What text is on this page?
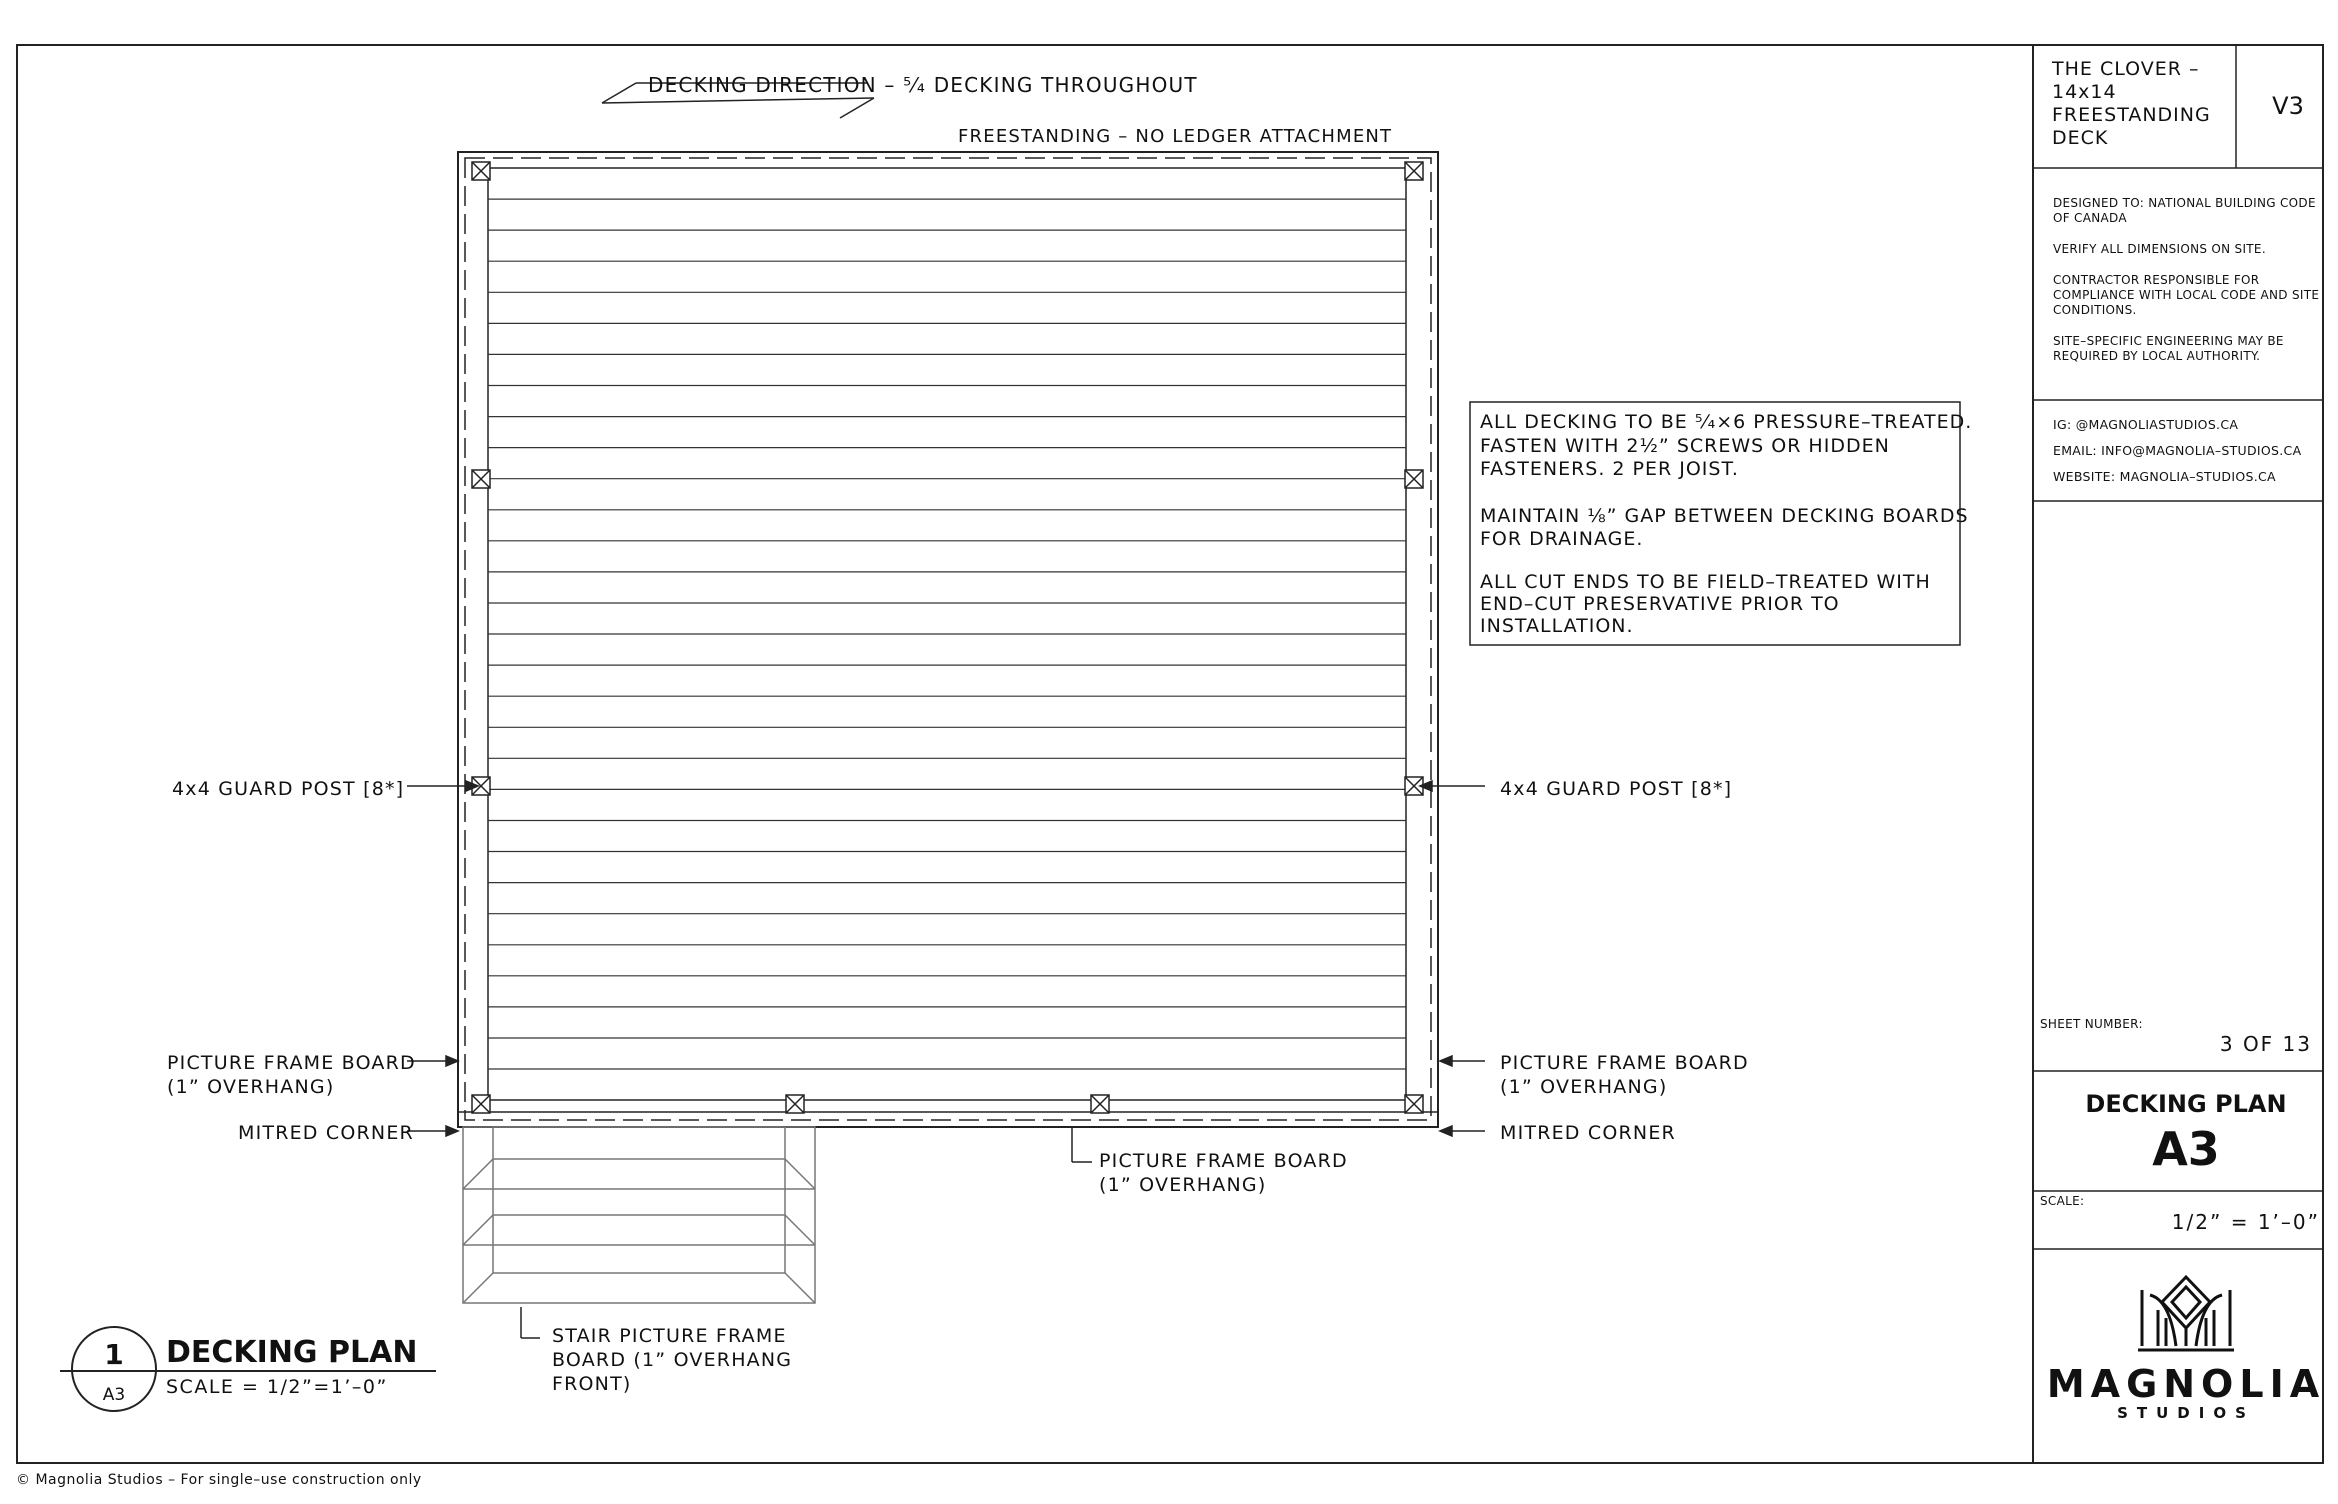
DECKING DIRECTION – ⁵⁄₄ DECKING THROUGHOUT
FREESTANDING – NO LEDGER ATTACHMENT
4x4 GUARD POST [8*]	4x4 GUARD POST [8*]
PICTURE FRAME BOARD
(1” OVERHANG)
PICTURE FRAME BOARD
(1” OVERHANG)
MITRED CORNER	MITRED CORNER
PICTURE FRAME BOARD
(1” OVERHANG)
STAIR PICTURE FRAME
BOARD (1” OVERHANG
FRONT)
ALL DECKING TO BE ⁵⁄₄×6 PRESSURE–TREATED.
FASTEN WITH 2½” SCREWS OR HIDDEN
FASTENERS. 2 PER JOIST.
MAINTAIN ⅛” GAP BETWEEN DECKING BOARDS
FOR DRAINAGE.
ALL CUT ENDS TO BE FIELD–TREATED WITH
END–CUT PRESERVATIVE PRIOR TO
INSTALLATION.
1
A3
DECKING PLAN
SCALE = 1/2”=1’–0”
THE CLOVER – 14x14 FREESTANDING DECK
V3

DESIGNED TO: NATIONAL BUILDING CODE OF CANADA

VERIFY ALL DIMENSIONS ON SITE.

CONTRACTOR RESPONSIBLE FOR COMPLIANCE WITH LOCAL CODE AND SITE CONDITIONS.

SITE–SPECIFIC ENGINEERING MAY BE REQUIRED BY LOCAL AUTHORITY.

IG: @MAGNOLIASTUDIOS.CA
EMAIL: INFO@MAGNOLIA–STUDIOS.CA
WEBSITE: MAGNOLIA–STUDIOS.CA
SHEET NUMBER:
3 OF 13
DECKING PLAN
A3
SCALE:
1/2” = 1’–0”
MAGNOLIA
STUDIOS
© Magnolia Studios – For single–use construction only
